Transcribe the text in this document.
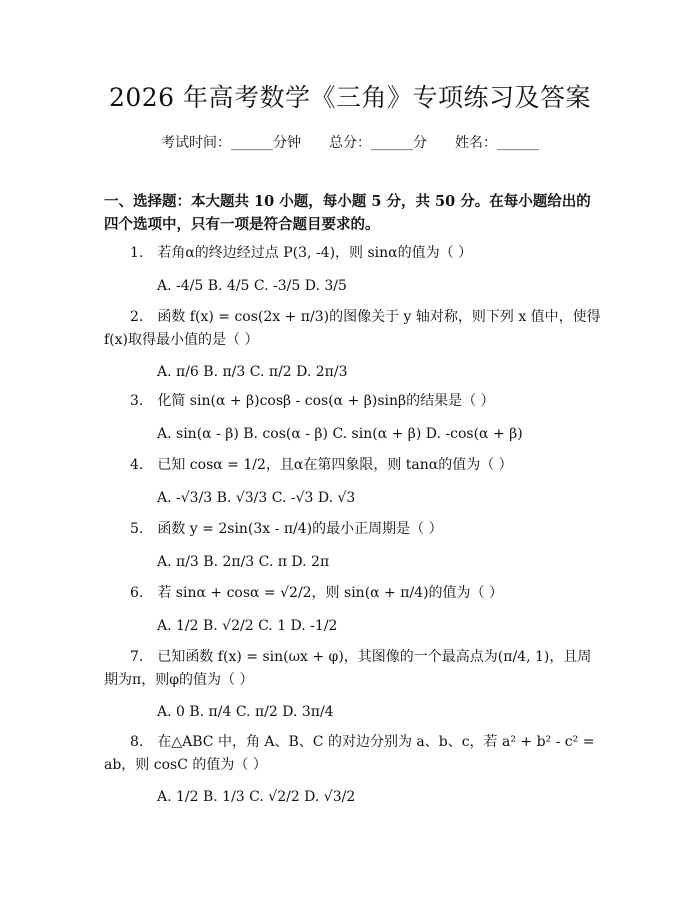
2026 年高考数学《三角》专项练习及答案
考试时间：______分钟 总分：______分 姓名：______
一、选择题：本大题共 10 小题，每小题 5 分，共 50 分。在每小题给出的四个选项中，只有一项是符合题目要求的。
1.　若角α的终边经过点 P(3, -4)，则 sinα的值为（ ）
A. -4/5 B. 4/5 C. -3/5 D. 3/5
2.　函数 f(x) = cos(2x + π/3)的图像关于 y 轴对称，则下列 x 值中，使得 f(x)取得最小值的是（ ）
A. π/6 B. π/3 C. π/2 D. 2π/3
3.　化简 sin(α + β)cosβ - cos(α + β)sinβ的结果是（ ）
A. sin(α - β) B. cos(α - β) C. sin(α + β) D. -cos(α + β)
4.　已知 cosα = 1/2，且α在第四象限，则 tanα的值为（ ）
A. -√3/3 B. √3/3 C. -√3 D. √3
5.　函数 y = 2sin(3x - π/4)的最小正周期是（ ）
A. π/3 B. 2π/3 C. π D. 2π
6.　若 sinα + cosα = √2/2，则 sin(α + π/4)的值为（ ）
A. 1/2 B. √2/2 C. 1 D. -1/2
7.　已知函数 f(x) = sin(ωx + φ)，其图像的一个最高点为(π/4, 1)，且周期为π，则φ的值为（ ）
A. 0 B. π/4 C. π/2 D. 3π/4
8.　在△ABC 中，角 A、B、C 的对边分别为 a、b、c，若 a² + b² - c² = ab，则 cosC 的值为（ ）
A. 1/2 B. 1/3 C. √2/2 D. √3/2
